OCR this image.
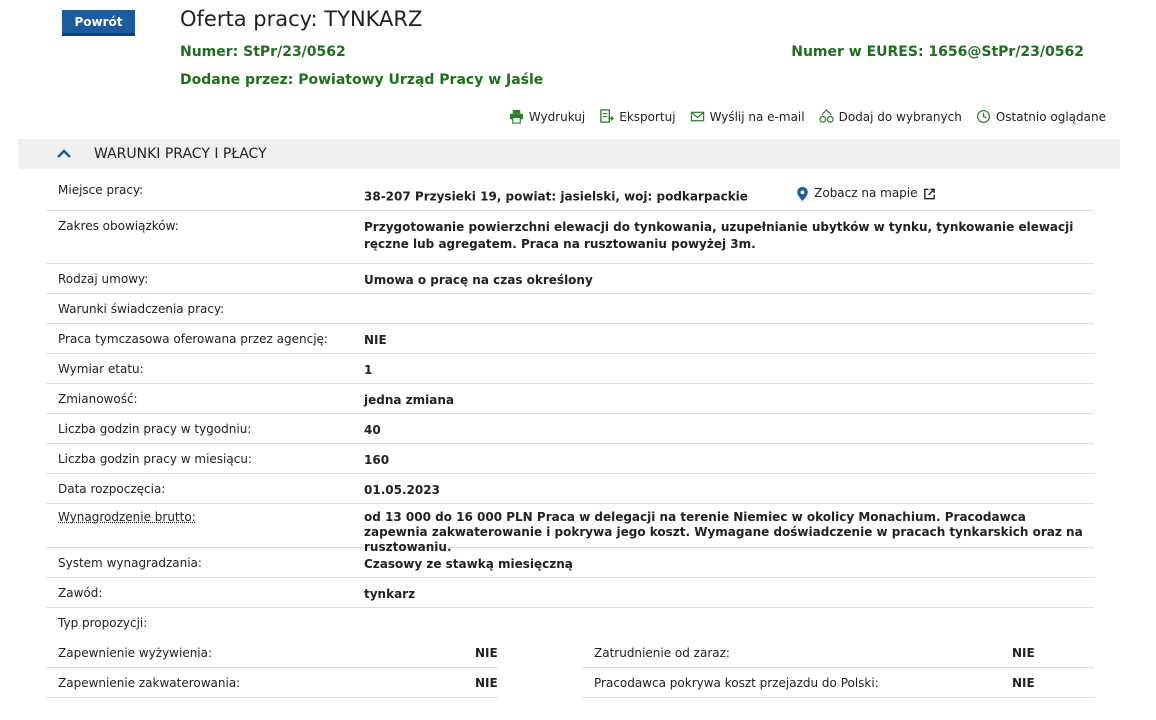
Powrót	Oferta pracy: TYNKARZ
Numer: StPr/23/0562	Numer w EURES: 1656@StPr/23/0562
Dodane przez: Powiatowy Urząd Pracy w Jaśle
Wydrukuj	Eksportuj	Wyślij na e-mail	Dodaj do wybranych	Ostatnio oglądane
WARUNKI PRACY I PŁACY
Miejsce pracy:	38-207 Przysieki 19, powiat: jasielski, woj: podkarpackie	Zobacz na mapie
Zakres obowiązków:	Przygotowanie powierzchni elewacji do tynkowania, uzupełnianie ubytków w tynku, tynkowanie elewacji ręczne lub agregatem. Praca na rusztowaniu powyżej 3m.
Rodzaj umowy:	Umowa o pracę na czas określony
Warunki świadczenia pracy:
Praca tymczasowa oferowana przez agencję:	NIE
Wymiar etatu:	1
Zmianowość:	jedna zmiana
Liczba godzin pracy w tygodniu:	40
Liczba godzin pracy w miesiącu:	160
Data rozpoczęcia:	01.05.2023
Wynagrodzenie brutto:	od 13 000 do 16 000 PLN Praca w delegacji na terenie Niemiec w okolicy Monachium. Pracodawca zapewnia zakwaterowanie i pokrywa jego koszt. Wymagane doświadczenie w pracach tynkarskich oraz na rusztowaniu.
System wynagradzania:	Czasowy ze stawką miesięczną
Zawód:	tynkarz
Typ propozycji:
Zapewnienie wyżywienia:	NIE	Zatrudnienie od zaraz:	NIE
Zapewnienie zakwaterowania:	NIE	Pracodawca pokrywa koszt przejazdu do Polski:	NIE
